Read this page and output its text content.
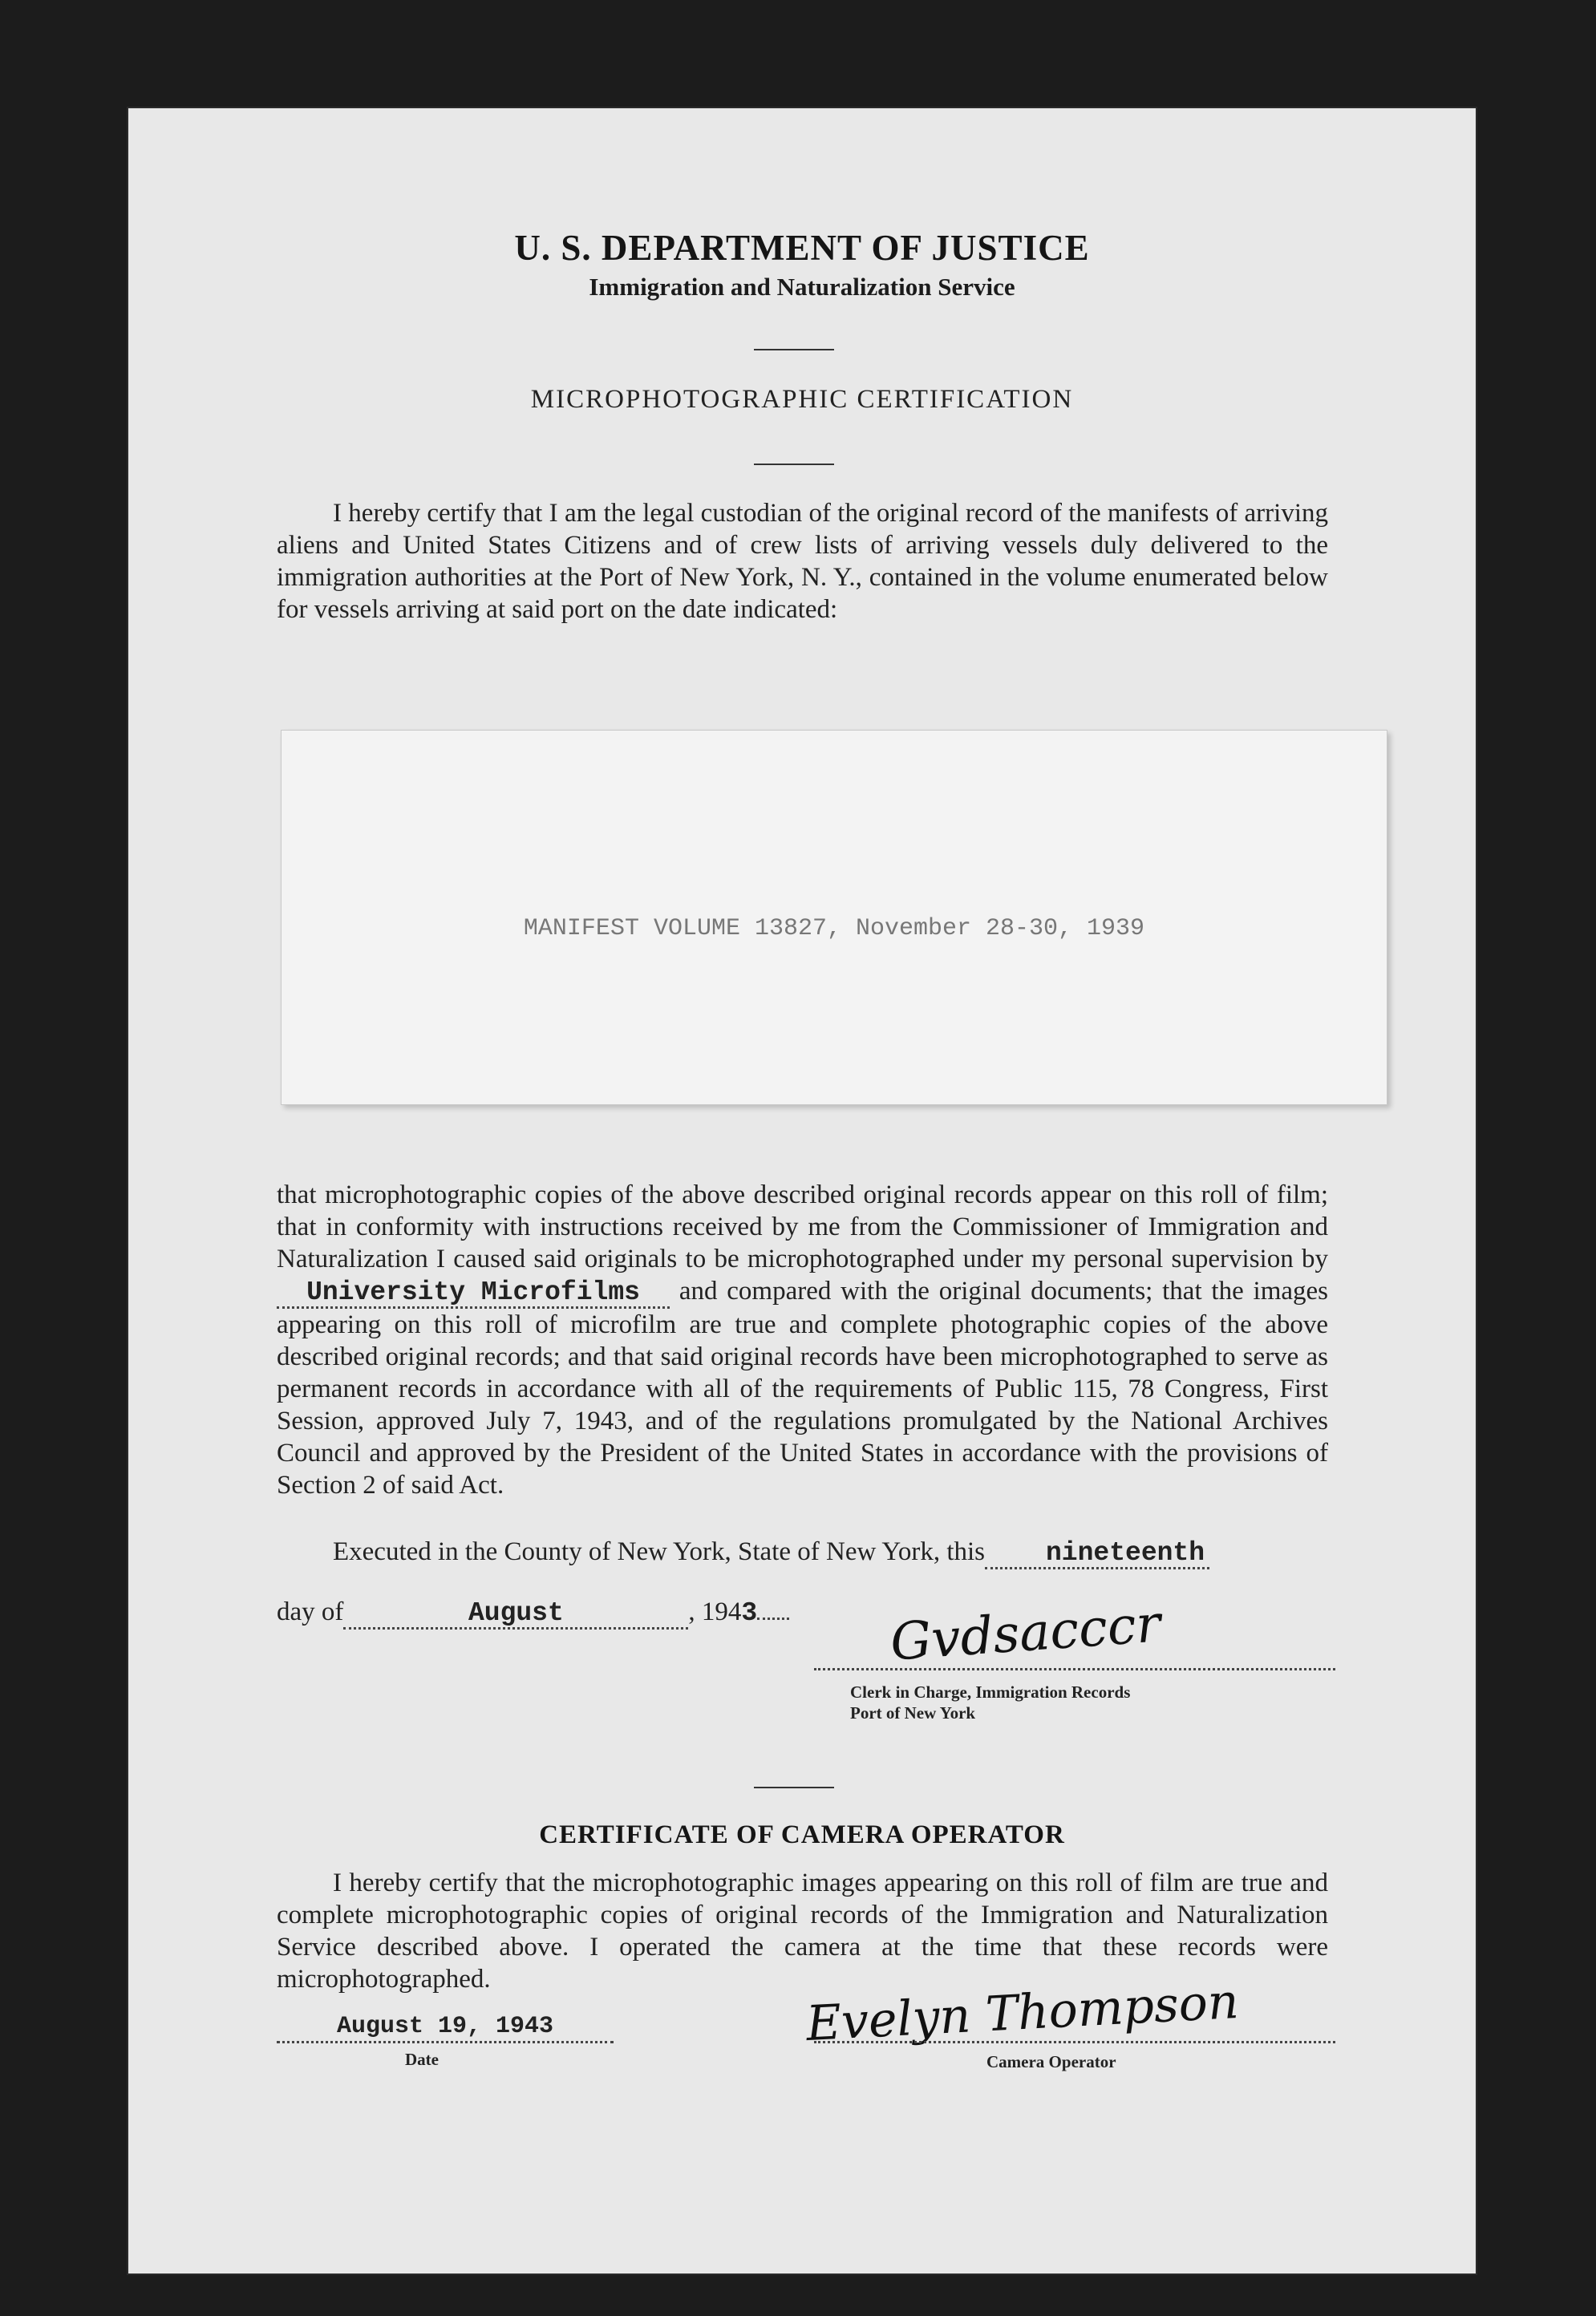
U. S. DEPARTMENT OF JUSTICE
Immigration and Naturalization Service
MICROPHOTOGRAPHIC CERTIFICATION

I hereby certify that I am the legal custodian of the original record of the manifests of arriving aliens and United States Citizens and of crew lists of arriving vessels duly delivered to the immigration authorities at the Port of New York, N. Y., contained in the volume enumerated below for vessels arriving at said port on the date indicated:

MANIFEST VOLUME 13827, November 28-30, 1939

that microphotographic copies of the above described original records appear on this roll of film; that in conformity with instructions received by me from the Commissioner of Immigration and Naturalization I caused said originals to be microphotographed under my personal supervision by University Microfilms and compared with the original documents; that the images appearing on this roll of microfilm are true and complete photographic copies of the above described original records; and that said original records have been microphotographed to serve as permanent records in accordance with all of the requirements of Public 115, 78 Congress, First Session, approved July 7, 1943, and of the regulations promulgated by the National Archives Council and approved by the President of the United States in accordance with the provisions of Section 2 of said Act.

Executed in the County of New York, State of New York, this nineteenth

day of	August	, 1943	Gvdsacccr
Clerk in Charge, Immigration Records
Port of New York
CERTIFICATE OF CAMERA OPERATOR

I hereby certify that the microphotographic images appearing on this roll of film are true and complete microphotographic copies of original records of the Immigration and Naturalization Service described above. I operated the camera at the time that these records were microphotographed.

August 19, 1943
Date
Evelyn Thompson
Camera Operator
